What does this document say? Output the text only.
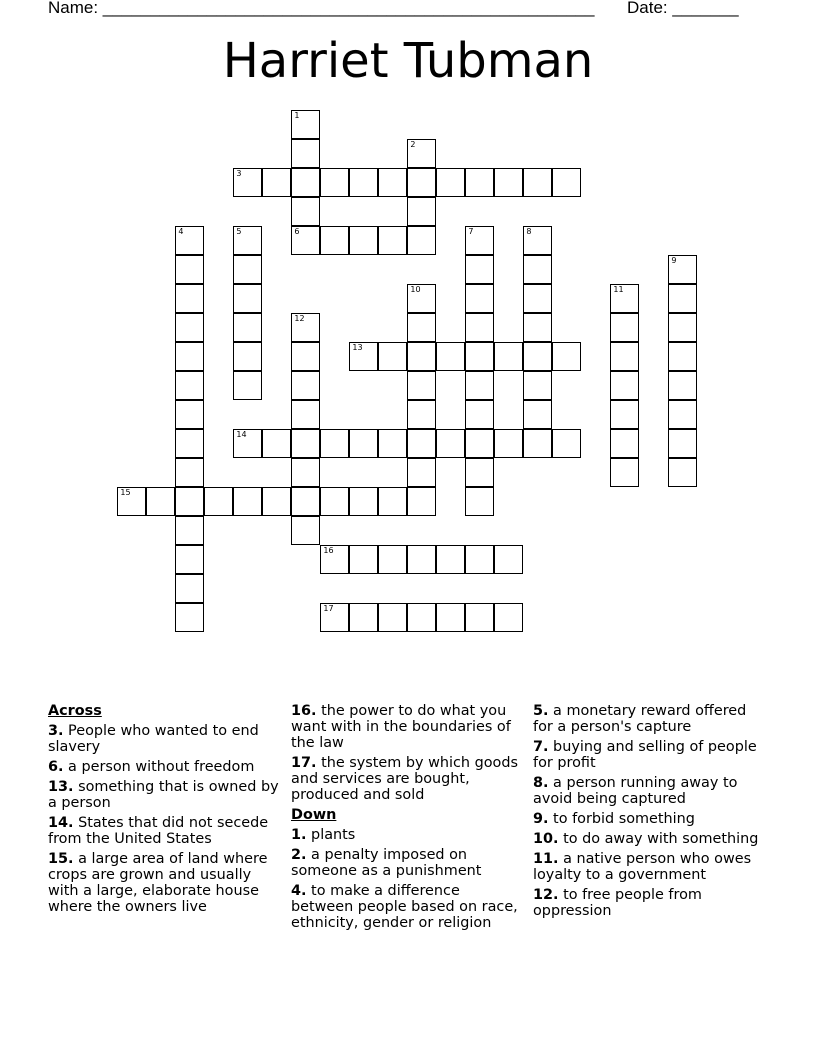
Name: ____________________________________________________ Date: _______
Harriet Tubman
3
6
13
14
15
16
17
1
2
4	5	7	8
9
10	11
12
Across
3. People who wanted to end slavery
6. a person without freedom
13. something that is owned by a person
14. States that did not secede from the United States
15. a large area of land where crops are grown and usually with a large, elaborate house where the owners live
16. the power to do what you want with in the boundaries of the law
17. the system by which goods and services are bought, produced and sold
Down
1. plants
2. a penalty imposed on someone as a punishment
4. to make a difference between people based on race, ethnicity, gender or religion
5. a monetary reward offered for a person's capture
7. buying and selling of people for profit
8. a person running away to avoid being captured
9. to forbid something
10. to do away with something
11. a native person who owes loyalty to a government
12. to free people from oppression
